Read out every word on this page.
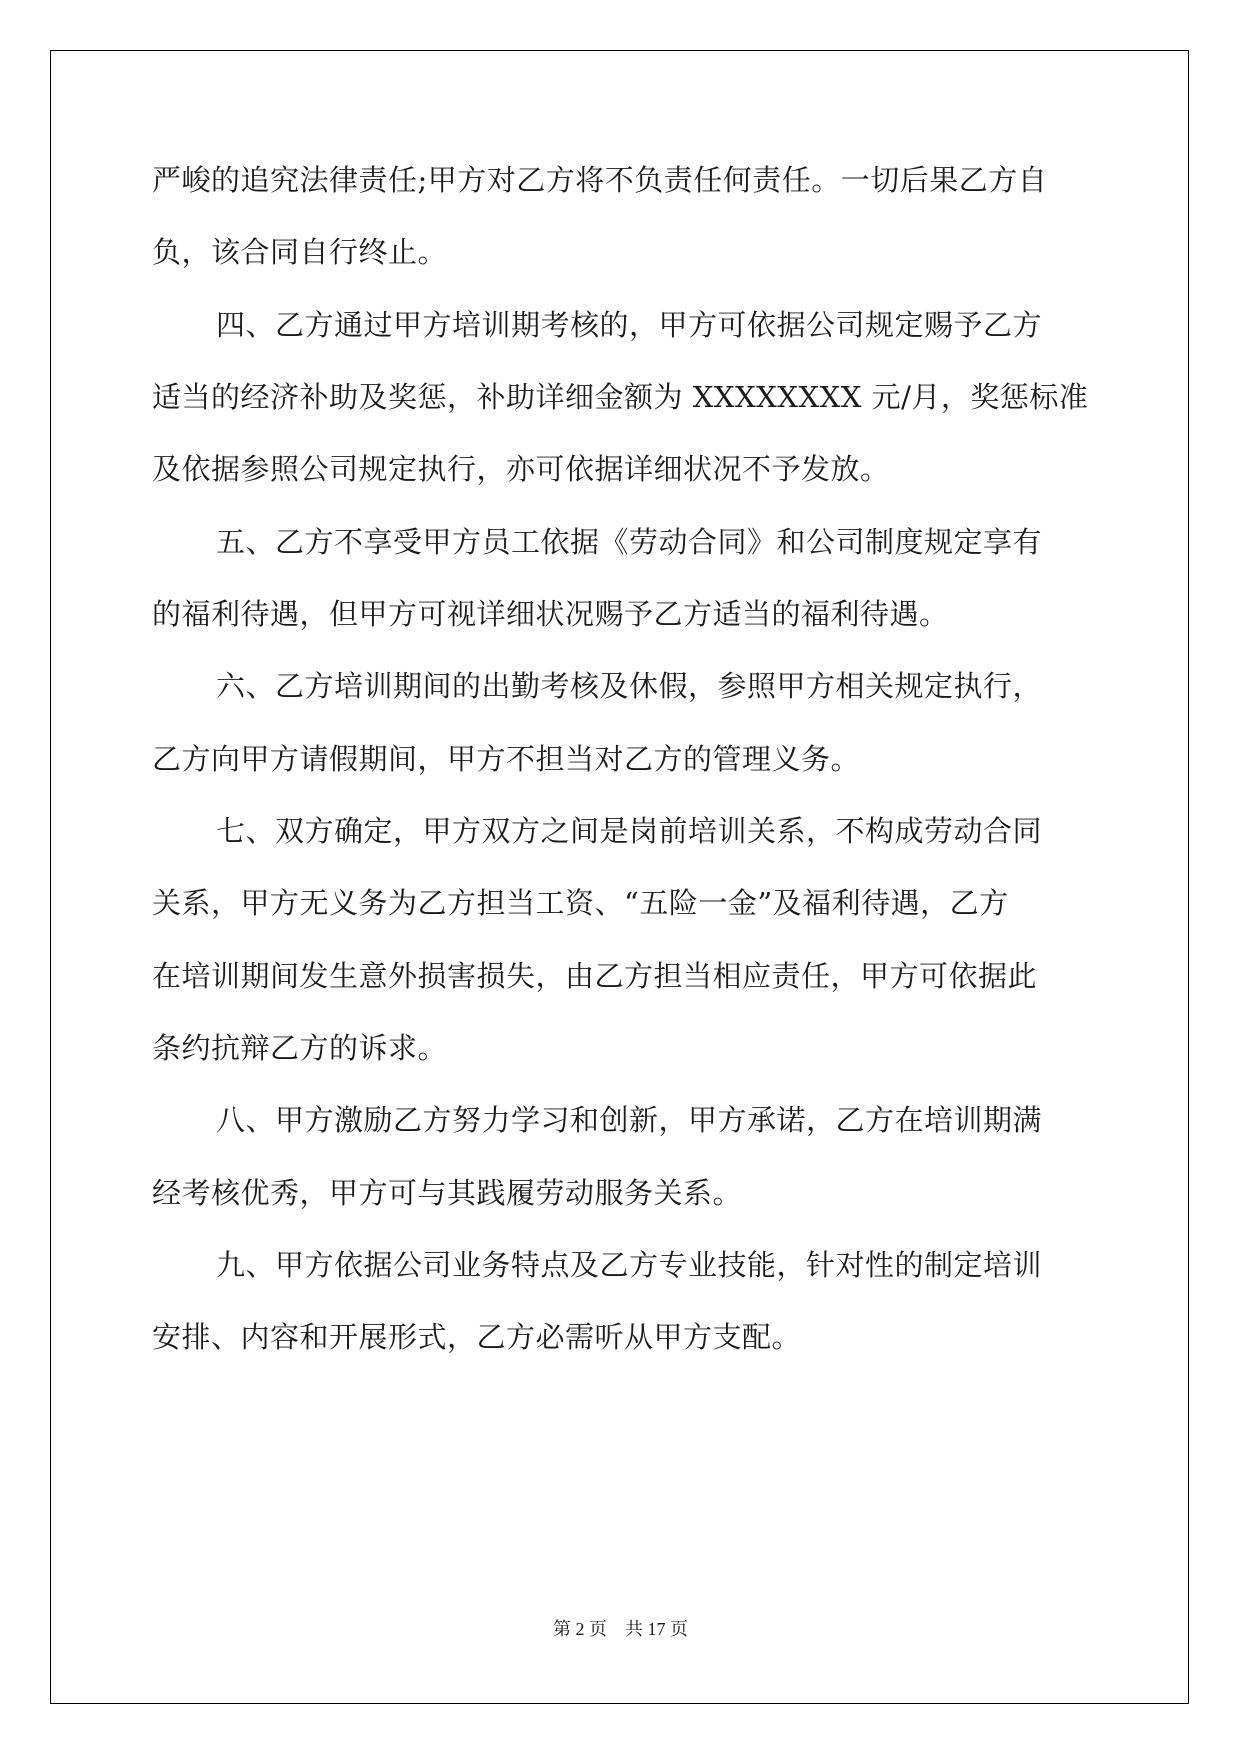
严峻的追究法律责任;甲方对乙方将不负责任何责任。一切后果乙方自
负，该合同自行终止。
四、乙方通过甲方培训期考核的，甲方可依据公司规定赐予乙方
适当的经济补助及奖惩，补助详细金额为 XXXXXXXX 元/月，奖惩标准
及依据参照公司规定执行，亦可依据详细状况不予发放。
五、乙方不享受甲方员工依据《劳动合同》和公司制度规定享有
的福利待遇，但甲方可视详细状况赐予乙方适当的福利待遇。
六、乙方培训期间的出勤考核及休假，参照甲方相关规定执行，
乙方向甲方请假期间，甲方不担当对乙方的管理义务。
七、双方确定，甲方双方之间是岗前培训关系，不构成劳动合同
关系，甲方无义务为乙方担当工资、“五险一金”及福利待遇，乙方
在培训期间发生意外损害损失，由乙方担当相应责任，甲方可依据此
条约抗辩乙方的诉求。
八、甲方激励乙方努力学习和创新，甲方承诺，乙方在培训期满
经考核优秀，甲方可与其践履劳动服务关系。
九、甲方依据公司业务特点及乙方专业技能，针对性的制定培训
安排、内容和开展形式，乙方必需听从甲方支配。
第 2 页    共 17 页
